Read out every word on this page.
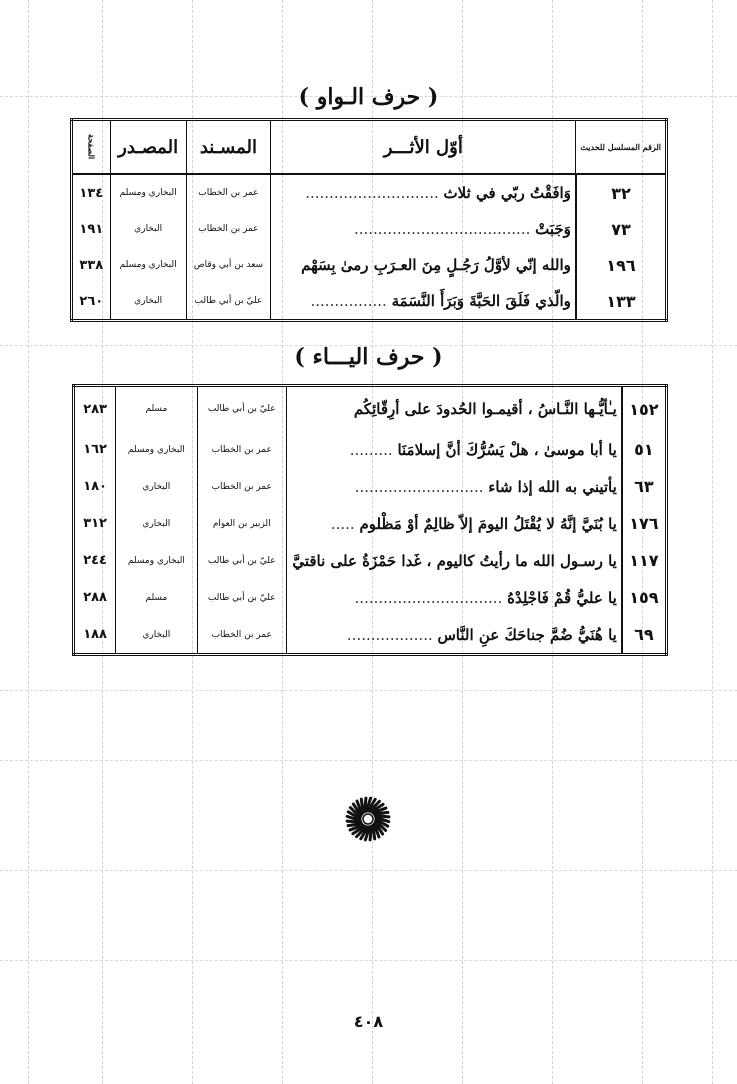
( حرف الـواو )
الرقم المسلسل للحديث	أوّل الأثـــر	المسـند	المصـدر	الصفحة
٣٢	وَافَقْتُ ربّي في ثلاث ............................	عمر بن الخطاب	البخاري ومسلم	١٣٤
٧٣	وَجَبَتْ .....................................	عمر بن الخطاب	البخاري	١٩١
١٩٦	والله إنّي لأوَّلُ رَجُـلٍ مِنَ العـرَبِ رمىٰ بِسَهْم	سعد بن أبي وقاص	البخاري ومسلم	٣٣٨
١٣٣	والّذي فَلَقَ الحَبَّةَ وَبَرَأَ النَّسَمَة ................	عليّ بن أبي طالب	البخاري	٢٦٠
( حرف اليـــاء )
١٥٢	يـٰأيُّـها النَّـاسُ ، أقيمـوا الحُدودَ على أرِقّائِكُم	عليّ بن أبي طالب	مسلم	٢٨٣
٥١	يا أبا موسىٰ ، هلْ يَسُرُّكَ أنَّ إسلامَنَا .........	عمر بن الخطاب	البخاري ومسلم	١٦٢
٦٣	يأتيني به الله إذا شاء ...........................	عمر بن الخطاب	البخاري	١٨٠
١٧٦	يا بُنَيَّ إنَّهُ لا يُقْتَلُ اليومَ إلاّ ظالِمٌ أوْ مَظْلوم .....	الزبير بن العوام	البخاري	٣١٢
١١٧	يا رسـول الله ما رأيتُ كاليوم ، غَدا حَمْزَةُ على ناقتيَّ	عليّ بن أبي طالب	البخاري ومسلم	٢٤٤
١٥٩	يا عليُّ قُمْ فَاجْلِدْهُ ...............................	عليّ بن أبي طالب	مسلم	٢٨٨
٦٩	يا هُنَيُّ ضُمَّ جناحَكَ عنِ النَّاس ..................	عمر بن الخطاب	البخاري	١٨٨
٤٠٨
